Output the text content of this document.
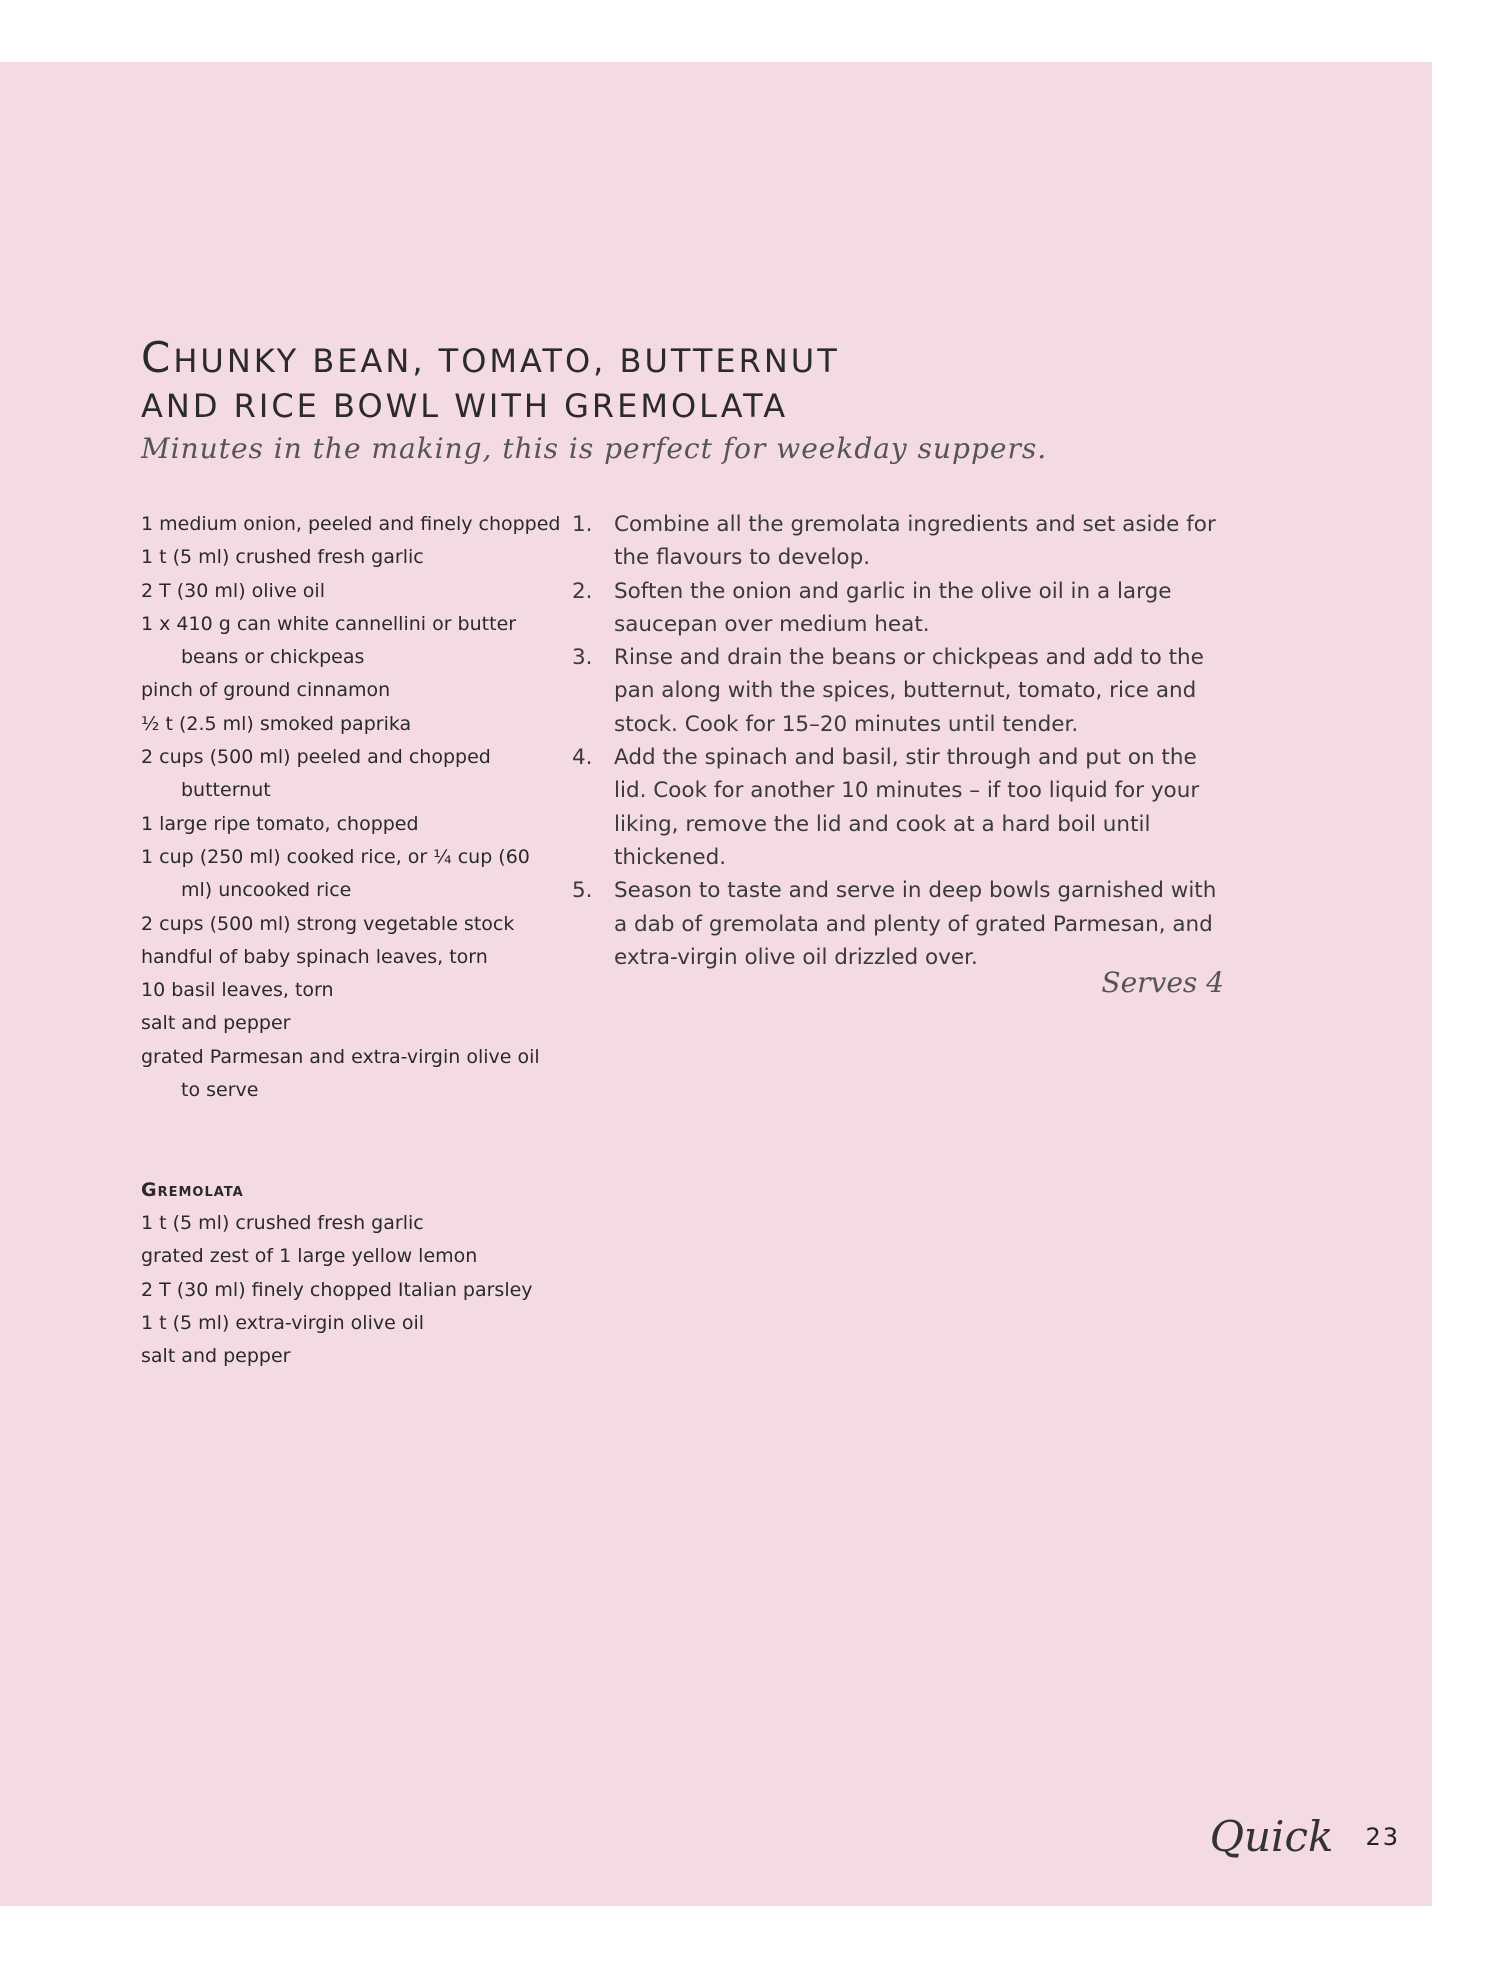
CHUNKY BEAN, TOMATO, BUTTERNUT
AND RICE BOWL WITH GREMOLATA
Minutes in the making, this is perfect for weekday suppers.
1 medium onion, peeled and finely chopped
1 t (5 ml) crushed fresh garlic
2 T (30 ml) olive oil
1 x 410 g can white cannellini or butter beans or chickpeas
pinch of ground cinnamon
½ t (2.5 ml) smoked paprika
2 cups (500 ml) peeled and chopped butternut
1 large ripe tomato, chopped
1 cup (250 ml) cooked rice, or ¼ cup (60 ml) uncooked rice
2 cups (500 ml) strong vegetable stock
handful of baby spinach leaves, torn
10 basil leaves, torn
salt and pepper
grated Parmesan and extra-virgin olive oil to serve
Gremolata
1 t (5 ml) crushed fresh garlic
grated zest of 1 large yellow lemon
2 T (30 ml) finely chopped Italian parsley
1 t (5 ml) extra-virgin olive oil
salt and pepper
1. Combine all the gremolata ingredients and set aside for the flavours to develop.
2. Soften the onion and garlic in the olive oil in a large saucepan over medium heat.
3. Rinse and drain the beans or chickpeas and add to the pan along with the spices, butternut, tomato, rice and stock. Cook for 15–20 minutes until tender.
4. Add the spinach and basil, stir through and put on the lid. Cook for another 10 minutes – if too liquid for your liking, remove the lid and cook at a hard boil until thickened.
5. Season to taste and serve in deep bowls garnished with a dab of gremolata and plenty of grated Parmesan, and extra-virgin olive oil drizzled over.
Serves 4
Quick 23
